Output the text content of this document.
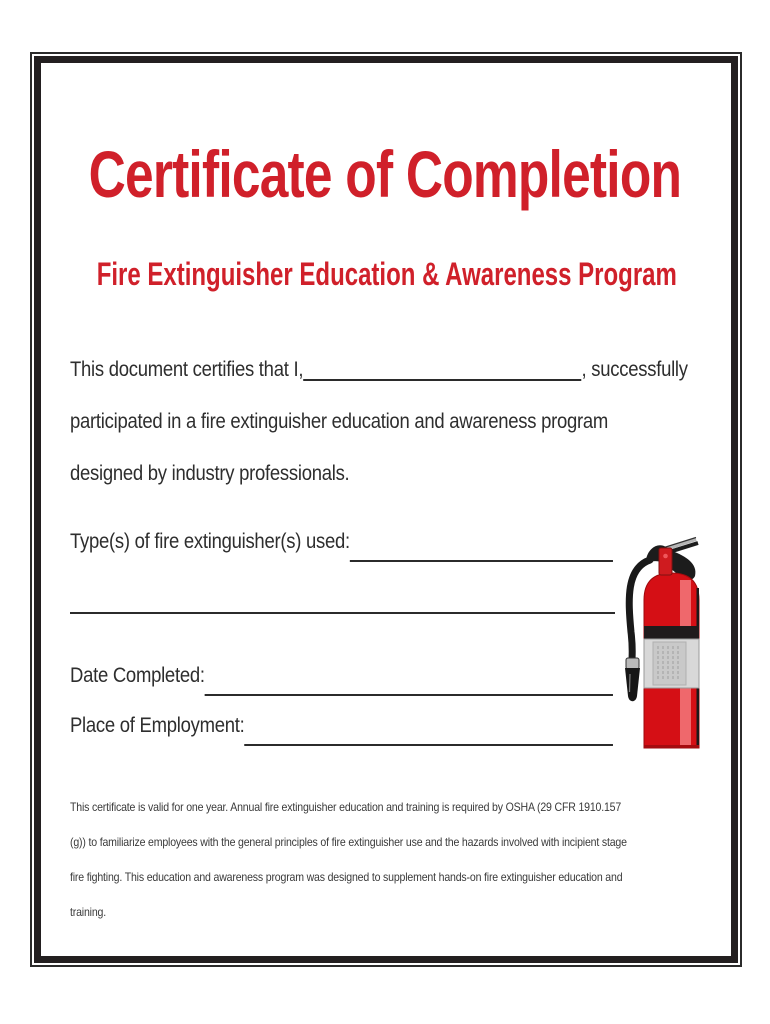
Certificate of Completion
Fire Extinguisher Education & Awareness Program
This document certifies that I,	, successfully
participated in a fire extinguisher education and awareness program
designed by industry professionals.
Type(s) of fire extinguisher(s) used:
Date Completed:
Place of Employment:
This certificate is valid for one year. Annual fire extinguisher education and training is required by OSHA (29 CFR 1910.157
(g)) to familiarize employees with the general principles of fire extinguisher use and the hazards involved with incipient stage
fire fighting. This education and awareness program was designed to supplement hands-on fire extinguisher education and
training.
